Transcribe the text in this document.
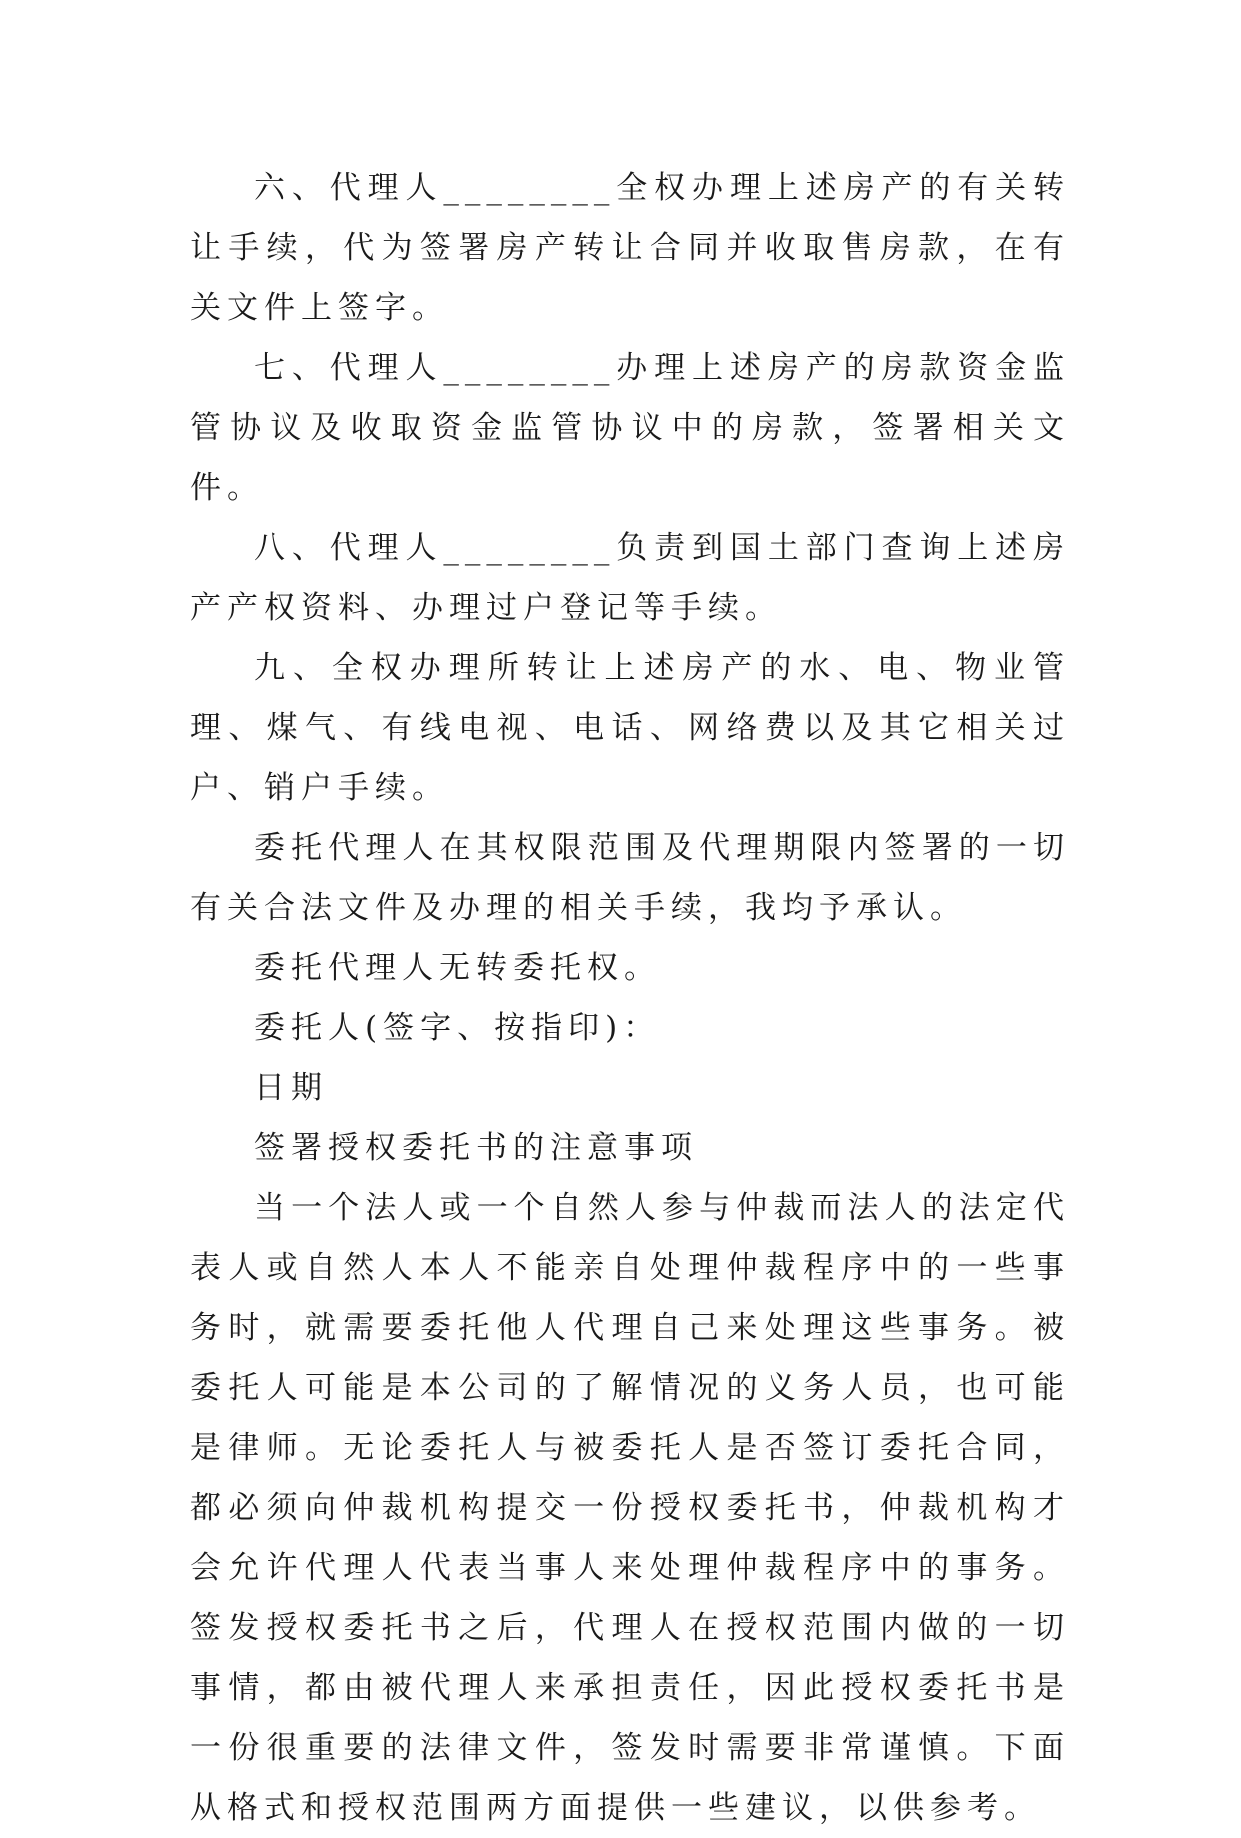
六、代理人________全权办理上述房产的有关转让手续，代为签署房产转让合同并收取售房款，在有关文件上签字。

七、代理人________办理上述房产的房款资金监管协议及收取资金监管协议中的房款，签署相关文件。

八、代理人________负责到国土部门查询上述房产产权资料、办理过户登记等手续。

九、全权办理所转让上述房产的水、电、物业管理、煤气、有线电视、电话、网络费以及其它相关过户、销户手续。

委托代理人在其权限范围及代理期限内签署的一切有关合法文件及办理的相关手续，我均予承认。

委托代理人无转委托权。

委托人(签字、按指印)：

日期

签署授权委托书的注意事项

当一个法人或一个自然人参与仲裁而法人的法定代表人或自然人本人不能亲自处理仲裁程序中的一些事务时，就需要委托他人代理自己来处理这些事务。被委托人可能是本公司的了解情况的义务人员，也可能是律师。无论委托人与被委托人是否签订委托合同，都必须向仲裁机构提交一份授权委托书，仲裁机构才会允许代理人代表当事人来处理仲裁程序中的事务。签发授权委托书之后，代理人在授权范围内做的一切事情，都由被代理人来承担责任，因此授权委托书是一份很重要的法律文件，签发时需要非常谨慎。下面从格式和授权范围两方面提供一些建议，以供参考。
